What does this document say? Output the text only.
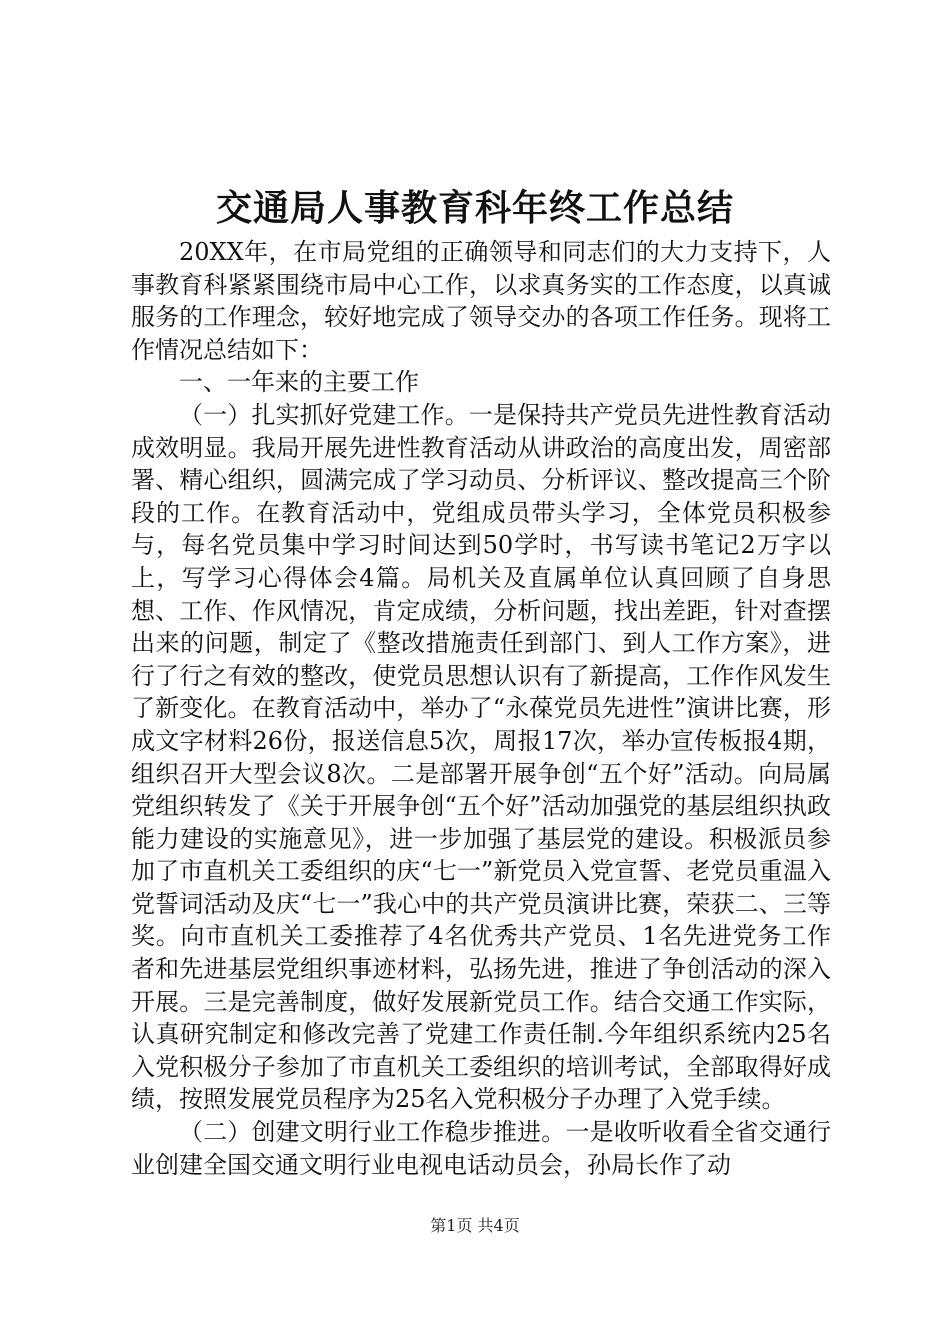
交通局人事教育科年终工作总结

20XX年，在市局党组的正确领导和同志们的大力支持下，人事教育科紧紧围绕市局中心工作，以求真务实的工作态度，以真诚服务的工作理念，较好地完成了领导交办的各项工作任务。现将工作情况总结如下：

一、一年来的主要工作

（一）扎实抓好党建工作。一是保持共产党员先进性教育活动成效明显。我局开展先进性教育活动从讲政治的高度出发，周密部署、精心组织，圆满完成了学习动员、分析评议、整改提高三个阶段的工作。在教育活动中，党组成员带头学习，全体党员积极参与，每名党员集中学习时间达到50学时，书写读书笔记2万字以上，写学习心得体会4篇。局机关及直属单位认真回顾了自身思想、工作、作风情况，肯定成绩，分析问题，找出差距，针对查摆出来的问题，制定了《整改措施责任到部门、到人工作方案》，进行了行之有效的整改，使党员思想认识有了新提高，工作作风发生了新变化。在教育活动中，举办了“永葆党员先进性”演讲比赛，形成文字材料26份，报送信息5次，周报17次，举办宣传板报4期，组织召开大型会议8次。二是部署开展争创“五个好”活动。向局属党组织转发了《关于开展争创“五个好”活动加强党的基层组织执政能力建设的实施意见》，进一步加强了基层党的建设。积极派员参加了市直机关工委组织的庆“七一”新党员入党宣誓、老党员重温入党誓词活动及庆“七一”我心中的共产党员演讲比赛，荣获二、三等奖。向市直机关工委推荐了4名优秀共产党员、1名先进党务工作者和先进基层党组织事迹材料，弘扬先进，推进了争创活动的深入开展。三是完善制度，做好发展新党员工作。结合交通工作实际，认真研究制定和修改完善了党建工作责任制.今年组织系统内25名入党积极分子参加了市直机关工委组织的培训考试，全部取得好成绩，按照发展党员程序为25名入党积极分子办理了入党手续。

（二）创建文明行业工作稳步推进。一是收听收看全省交通行业创建全国交通文明行业电视电话动员会，孙局长作了动

第1页 共4页
